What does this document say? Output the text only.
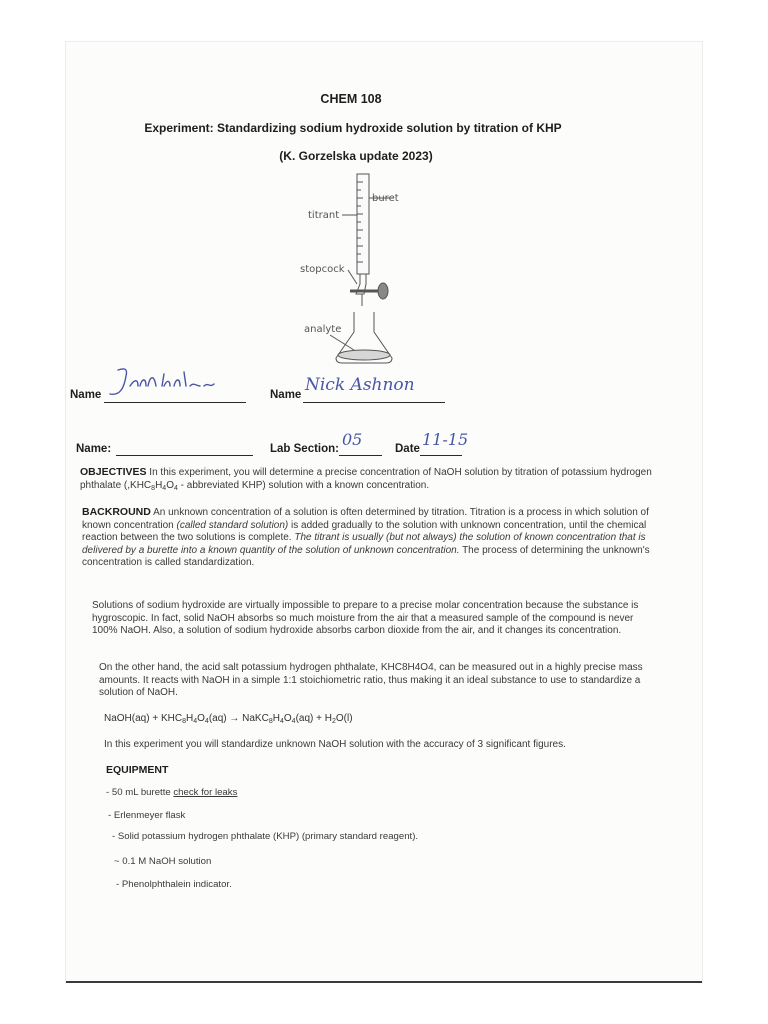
CHEM 108
Experiment: Standardizing sodium hydroxide solution by titration of KHP
(K. Gorzelska update 2023)
buret
titrant
stopcock
analyte
Name	Name Nick Ashnon
Name:	Lab Section: 05	Date 11-15
OBJECTIVES In this experiment, you will determine a precise concentration of NaOH solution by titration of potassium hydrogen phthalate ($,KHC_8H_4O_4$ - abbreviated KHP) solution with a known concentration.
BACKROUND An unknown concentration of a solution is often determined by titration. Titration is a process in which solution of known concentration (called standard solution) is added gradually to the solution with unknown concentration, until the chemical reaction between the two solutions is complete. The titrant is usually (but not always) the solution of known concentration that is delivered by a burette into a known quantity of the solution of unknown concentration. The process of determining the unknown's concentration is called standardization.
Solutions of sodium hydroxide are virtually impossible to prepare to a precise molar concentration because the substance is hygroscopic. In fact, solid NaOH absorbs so much moisture from the air that a measured sample of the compound is never 100% NaOH. Also, a solution of sodium hydroxide absorbs carbon dioxide from the air, and it changes its concentration.
On the other hand, the acid salt potassium hydrogen phthalate, KHC8H4O4, can be measured out in a highly precise mass amounts. It reacts with NaOH in a simple 1:1 stoichiometric ratio, thus making it an ideal substance to use to standardize a solution of NaOH.
NaOH(aq) + $KHC_8H_4O_4(aq)$ → $NaKC_8H_4O_4(aq) + H_2O(l)$
In this experiment you will standardize unknown NaOH solution with the accuracy of 3 significant figures.
EQUIPMENT
- 50 mL burette check for leaks
- Erlenmeyer flask
- Solid potassium hydrogen phthalate (KHP) (primary standard reagent).
~ 0.1 M NaOH solution
- Phenolphthalein indicator.
